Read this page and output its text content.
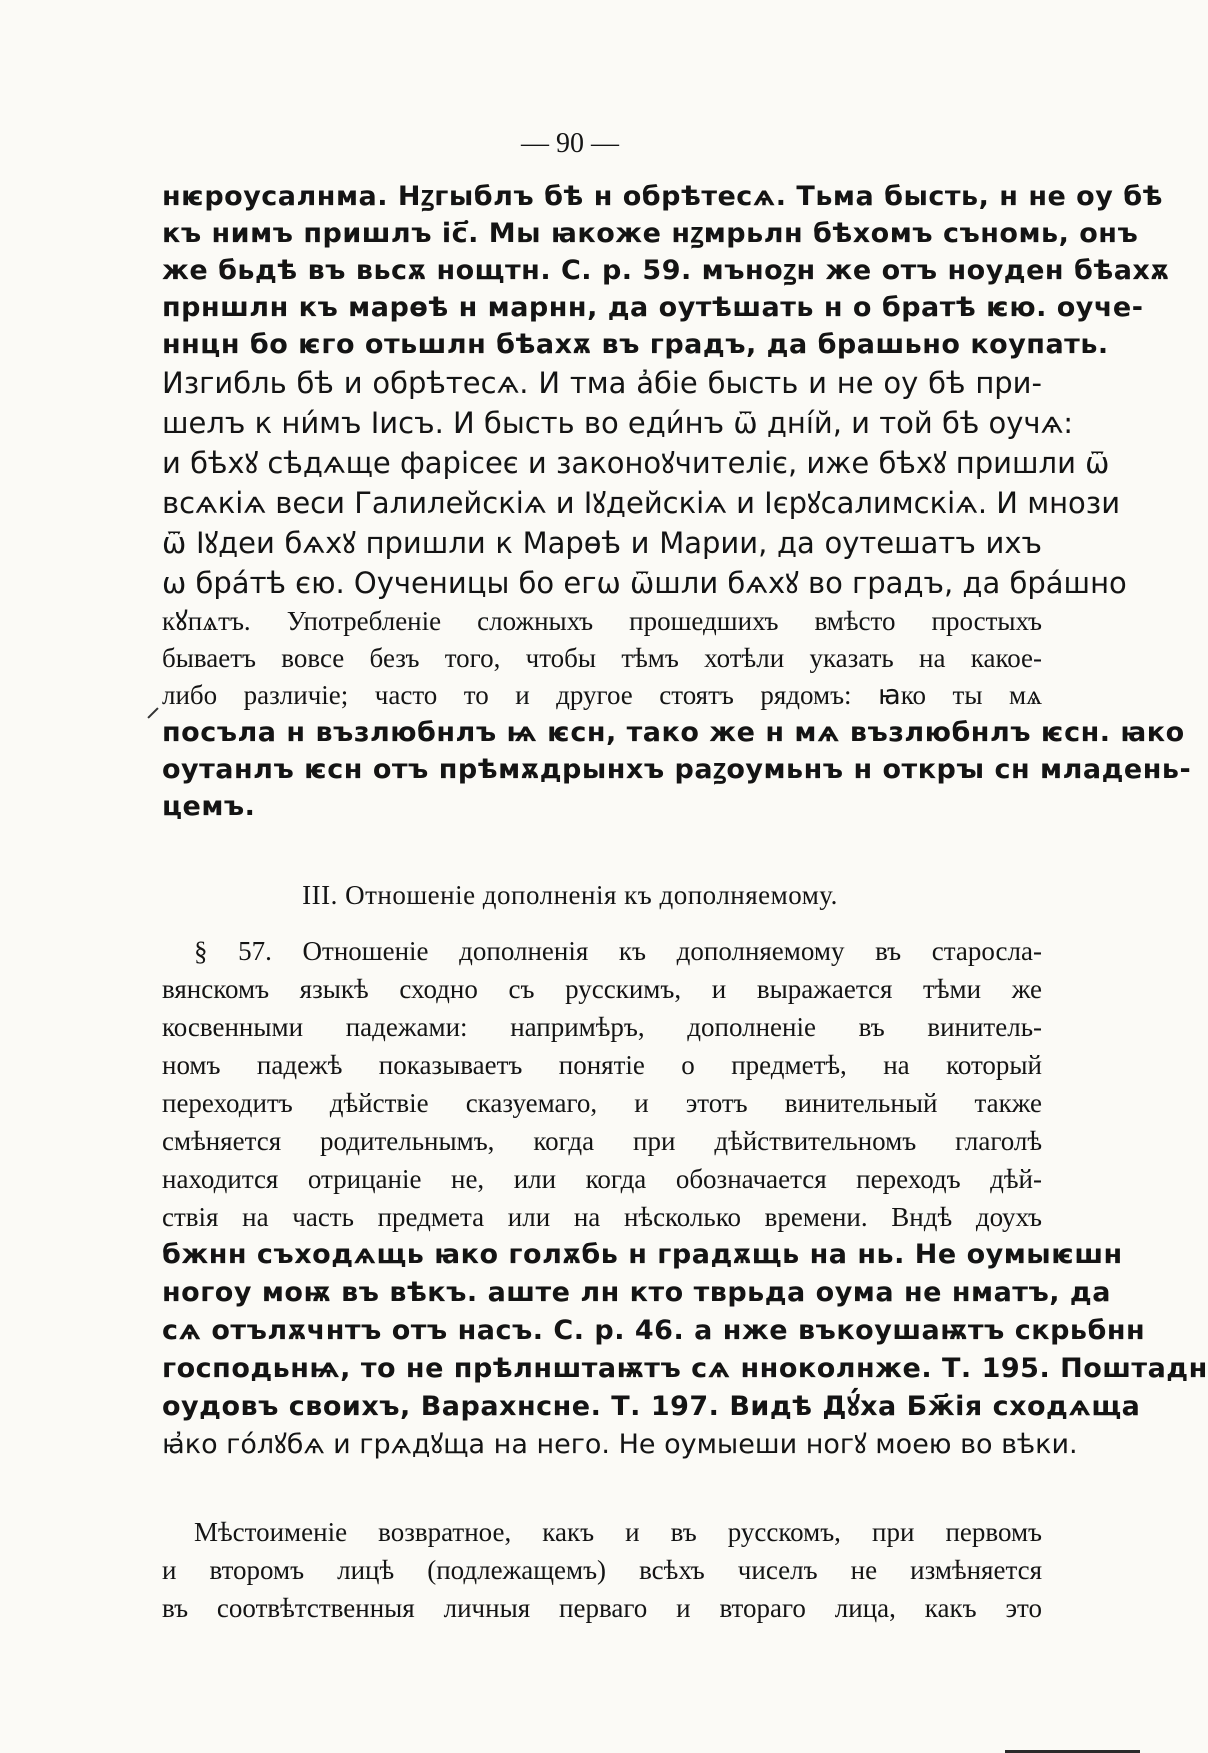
— 90 —
нѥроусалнма. Нꙁгыблъ бѣ н обрѣтесѧ. Тьма бысть, н не оу бѣ
къ нимъ пришлъ іс҃. Мы ꙗкоже нꙁмрьлн бѣхомъ съномь, онъ
же бьдѣ въ вьсѫ нощтн. С. р. 59. мъноꙁн же отъ ноуден бѣахѫ
прншлн къ марѳѣ н марнн, да оутѣшать н о братѣ ѥю. оуче-
ннцн бо ѥго отьшлн бѣахѫ въ градъ, да брашьно коупать.
Изгибль бѣ и обрѣтесѧ. И тма а҆біе бысть и не оу бѣ при-
шелъ к ни́мъ Іисъ. И бысть во еди́нъ ѿ дні́й, и той бѣ оучѧ:
и бѣхꙋ сѣдѧще фарісеє и законоꙋчителіє, иже бѣхꙋ пришли ѿ
всѧкіѧ веси Галилейскіѧ и Іꙋдейскіѧ и Ієрꙋсалимскіѧ. И мнози
ѿ Іꙋдеи бѧхꙋ пришли к Марѳѣ и Марии, да оутешатъ ихъ
ѡ бра́тѣ єю. Оученицы бо егѡ ѿшли бѧхꙋ во градъ, да бра́шно
кꙋпѧтъ. Употребленіе сложныхъ прошедшихъ вмѣсто простыхъ
бываетъ вовсе безъ того, чтобы тѣмъ хотѣли указать на какое-
либо различіе; часто то и другое стоятъ рядомъ: ꙗко ты мѧ
посъла н възлюбнлъ ѩ ѥсн, тако же н мѧ възлюбнлъ ѥсн. ꙗко
оутанлъ ѥсн отъ прѣмѫдрынхъ раꙁоумьнъ н открꙑ сн младень-
цемъ.
III. Отношеніе дополненія къ дополняемому.
§ 57. Отношеніе дополненія къ дополняемому въ старосла-
вянскомъ языкѣ сходно съ русскимъ, и выражается тѣми же
косвенными падежами: напримѣръ, дополненіе въ винитель-
номъ падежѣ показываетъ понятіе о предметѣ, на который
переходитъ дѣйствіе сказуемаго, и этотъ винительный также
смѣняется родительнымъ, когда при дѣйствительномъ глаголѣ
находится отрицаніе не, или когда обозначается переходъ дѣй-
ствія на часть предмета или на нѣсколько времени. Вндѣ доухъ
бжнн съходѧщь ꙗко голѫбь н градѫщь на нь. Не оумыѥшн
ногоу моѭ въ вѣкъ. аште лн кто тврьда оума не нматъ, да
сѧ отълѫчнтъ отъ насъ. С. р. 46. а нже въкоушаѭтъ скрьбнн
господьнѩ, то не прѣлнштаѭтъ сѧ нноколнже. Т. 195. Поштадн
оудовъ своихъ, Варахнсне. Т. 197. Видѣ Дꙋ́ха Бж҃ія сходѧща
ꙗ҆ко го́лꙋбѧ и грѧдꙋща на него. Не оумыеши ногꙋ моею во вѣки.
Мѣстоименіе возвратное, какъ и въ русскомъ, при первомъ
и второмъ лицѣ (подлежащемъ) всѣхъ чиселъ не измѣняется
въ соотвѣтственныя личныя перваго и втораго лица, какъ это
